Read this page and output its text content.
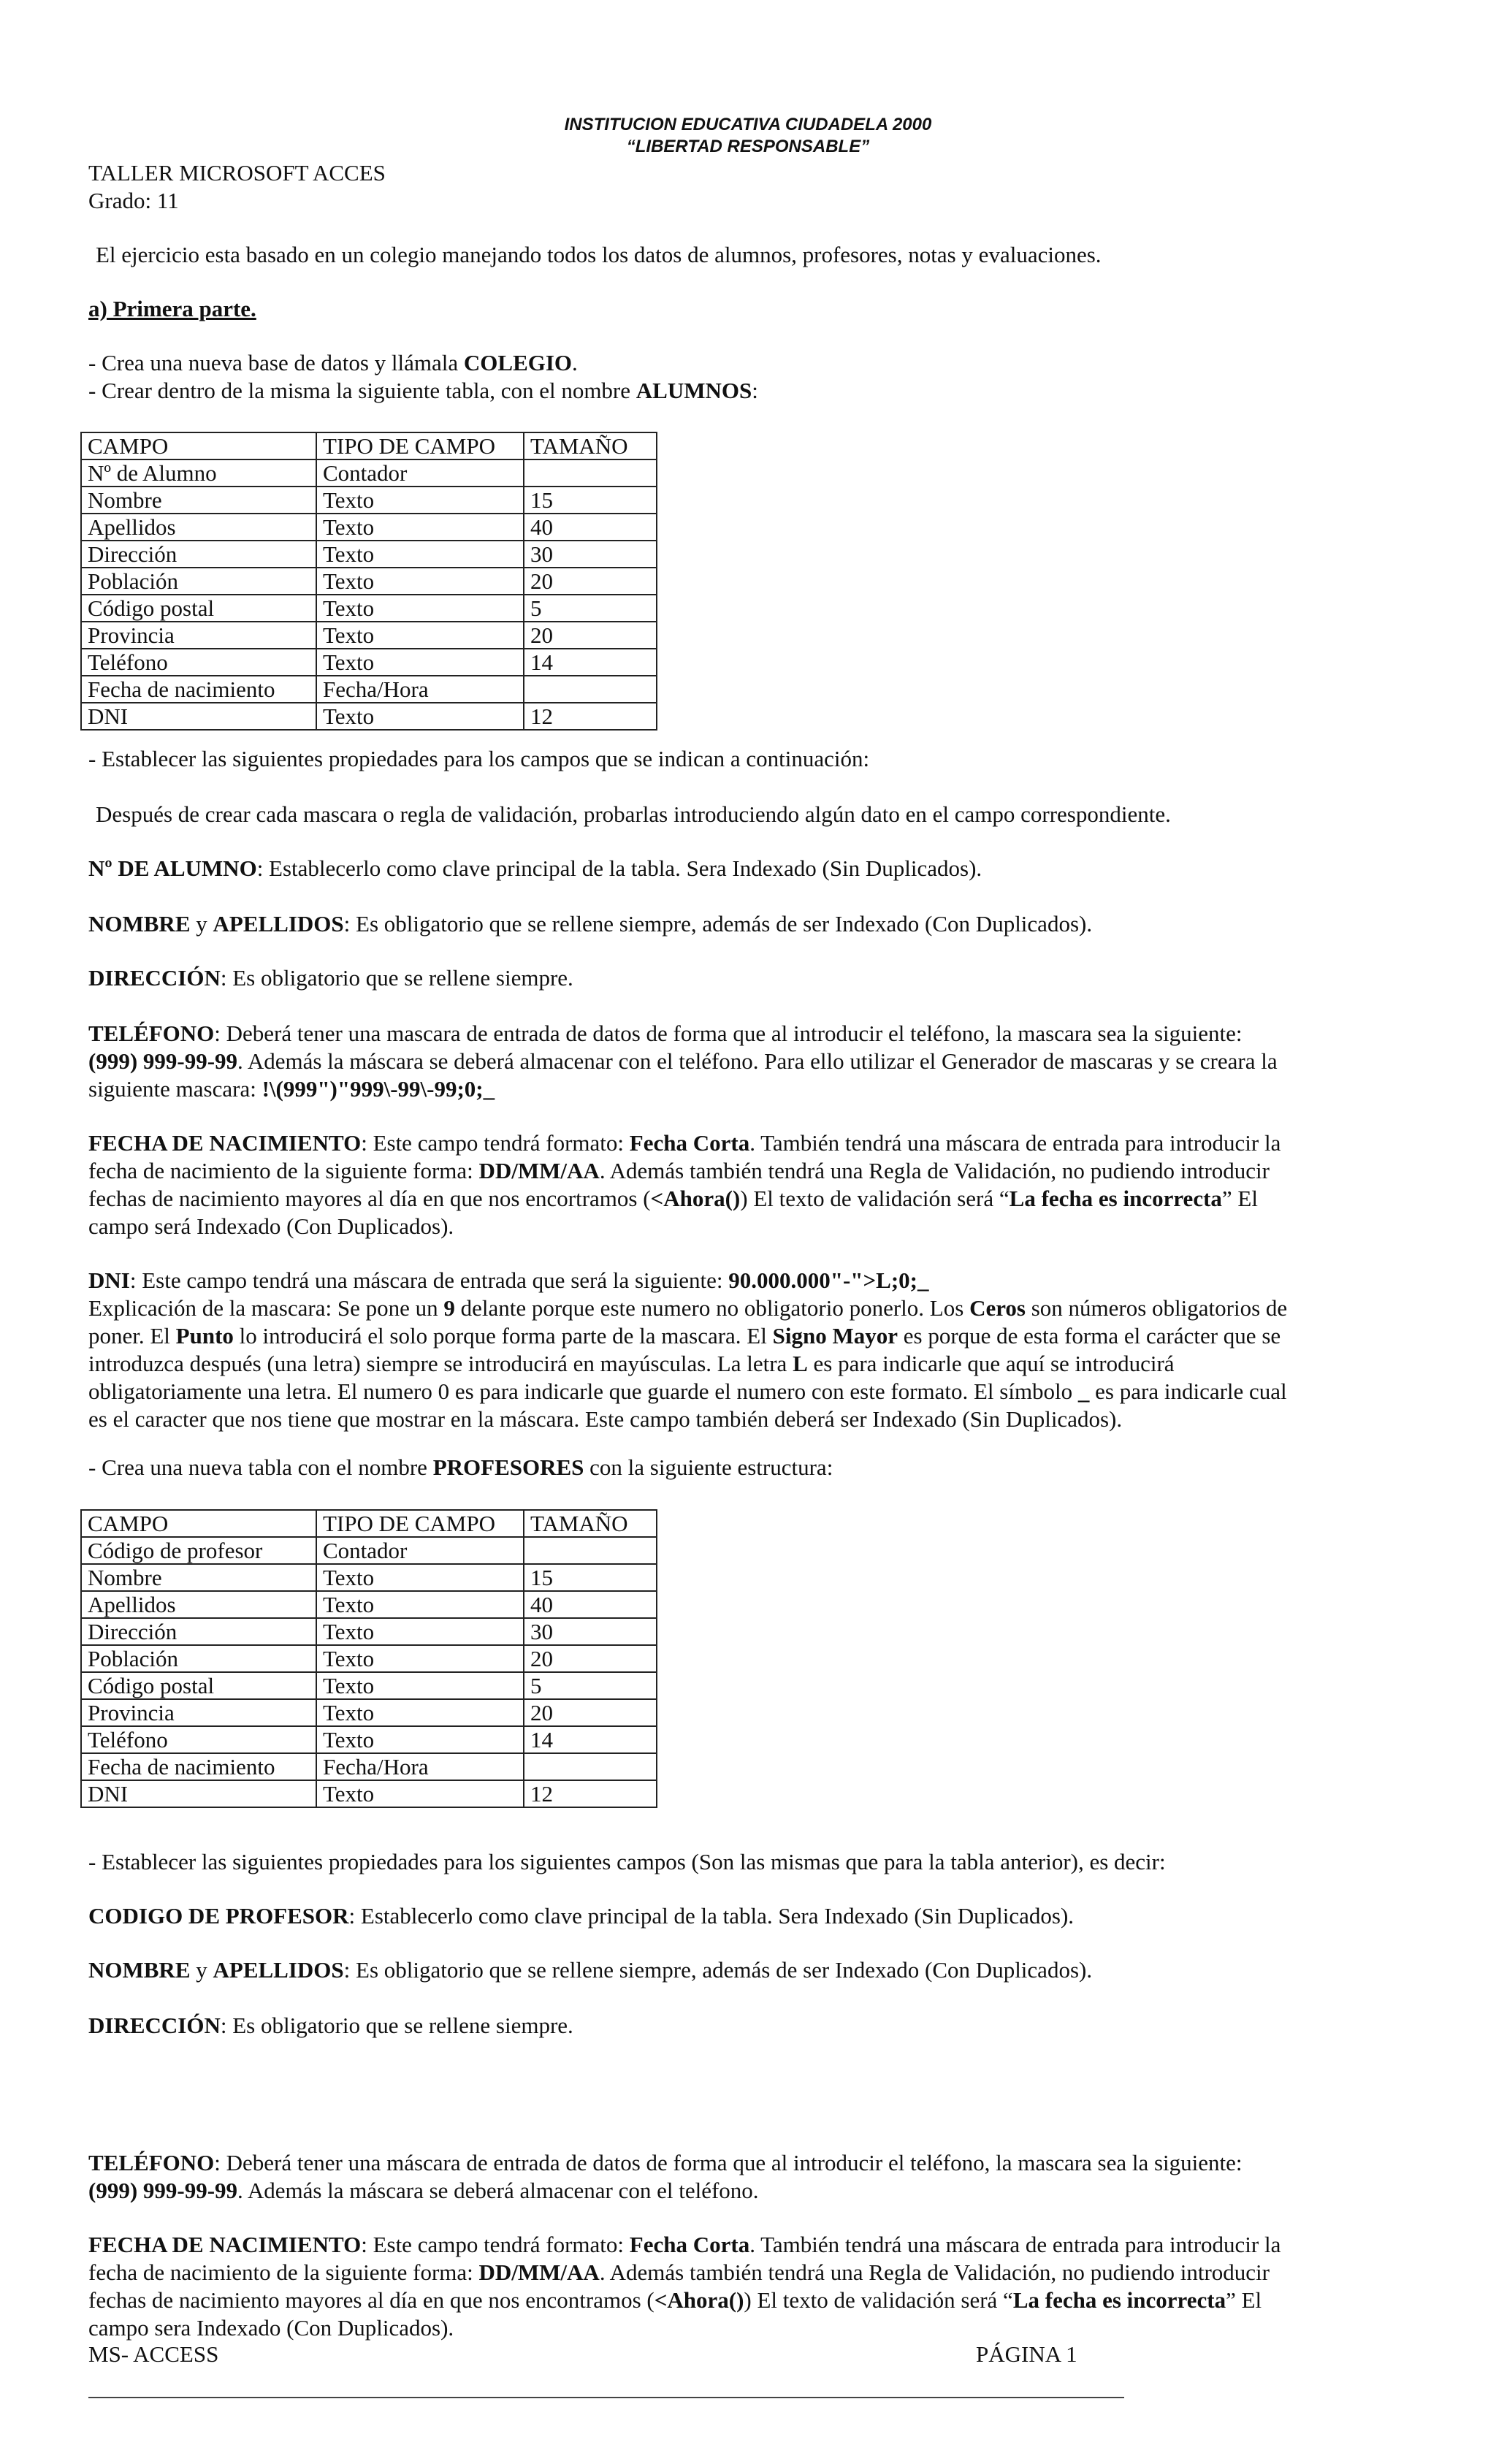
INSTITUCION EDUCATIVA CIUDADELA 2000
“LIBERTAD RESPONSABLE”
TALLER MICROSOFT ACCES
Grado: 11
El ejercicio esta basado en un colegio manejando todos los datos de alumnos, profesores, notas y evaluaciones.
a) Primera parte.
- Crea una nueva base de datos y llámala COLEGIO.
- Crear dentro de la misma la siguiente tabla, con el nombre ALUMNOS:
CAMPO	TIPO DE CAMPO	TAMAÑO
Nº de Alumno	Contador	
Nombre	Texto	15
Apellidos	Texto	40
Dirección	Texto	30
Población	Texto	20
Código postal	Texto	5
Provincia	Texto	20
Teléfono	Texto	14
Fecha de nacimiento	Fecha/Hora	
DNI	Texto	12
- Establecer las siguientes propiedades para los campos que se indican a continuación:
Después de crear cada mascara o regla de validación, probarlas introduciendo algún dato en el campo correspondiente.
Nº DE ALUMNO: Establecerlo como clave principal de la tabla. Sera Indexado (Sin Duplicados).
NOMBRE y APELLIDOS: Es obligatorio que se rellene siempre, además de ser Indexado (Con Duplicados).
DIRECCIÓN: Es obligatorio que se rellene siempre.
TELÉFONO: Deberá tener una mascara de entrada de datos de forma que al introducir el teléfono, la mascara sea la siguiente:
(999) 999-99-99. Además la máscara se deberá almacenar con el teléfono. Para ello utilizar el Generador de mascaras y se creara la
siguiente mascara: !\(999")"999\-99\-99;0;_
FECHA DE NACIMIENTO: Este campo tendrá formato: Fecha Corta. También tendrá una máscara de entrada para introducir la
fecha de nacimiento de la siguiente forma: DD/MM/AA. Además también tendrá una Regla de Validación, no pudiendo introducir
fechas de nacimiento mayores al día en que nos encortramos (<Ahora()) El texto de validación será “La fecha es incorrecta” El
campo será Indexado (Con Duplicados).
DNI: Este campo tendrá una máscara de entrada que será la siguiente: 90.000.000"-">L;0;_
Explicación de la mascara: Se pone un 9 delante porque este numero no obligatorio ponerlo. Los Ceros son números obligatorios de
poner. El Punto lo introducirá el solo porque forma parte de la mascara. El Signo Mayor es porque de esta forma el carácter que se
introduzca después (una letra) siempre se introducirá en mayúsculas. La letra L es para indicarle que aquí se introducirá
obligatoriamente una letra. El numero 0 es para indicarle que guarde el numero con este formato. El símbolo _ es para indicarle cual
es el caracter que nos tiene que mostrar en la máscara. Este campo también deberá ser Indexado (Sin Duplicados).
- Crea una nueva tabla con el nombre PROFESORES con la siguiente estructura:
CAMPO	TIPO DE CAMPO	TAMAÑO
Código de profesor	Contador	
Nombre	Texto	15
Apellidos	Texto	40
Dirección	Texto	30
Población	Texto	20
Código postal	Texto	5
Provincia	Texto	20
Teléfono	Texto	14
Fecha de nacimiento	Fecha/Hora	
DNI	Texto	12
- Establecer las siguientes propiedades para los siguientes campos (Son las mismas que para la tabla anterior), es decir:
CODIGO DE PROFESOR: Establecerlo como clave principal de la tabla. Sera Indexado (Sin Duplicados).
NOMBRE y APELLIDOS: Es obligatorio que se rellene siempre, además de ser Indexado (Con Duplicados).
DIRECCIÓN: Es obligatorio que se rellene siempre.
TELÉFONO: Deberá tener una máscara de entrada de datos de forma que al introducir el teléfono, la mascara sea la siguiente:
(999) 999-99-99. Además la máscara se deberá almacenar con el teléfono.
FECHA DE NACIMIENTO: Este campo tendrá formato: Fecha Corta. También tendrá una máscara de entrada para introducir la
fecha de nacimiento de la siguiente forma: DD/MM/AA. Además también tendrá una Regla de Validación, no pudiendo introducir
fechas de nacimiento mayores al día en que nos encontramos (<Ahora()) El texto de validación será “La fecha es incorrecta” El
campo sera Indexado (Con Duplicados).
MS- ACCESS	PÁGINA 1
